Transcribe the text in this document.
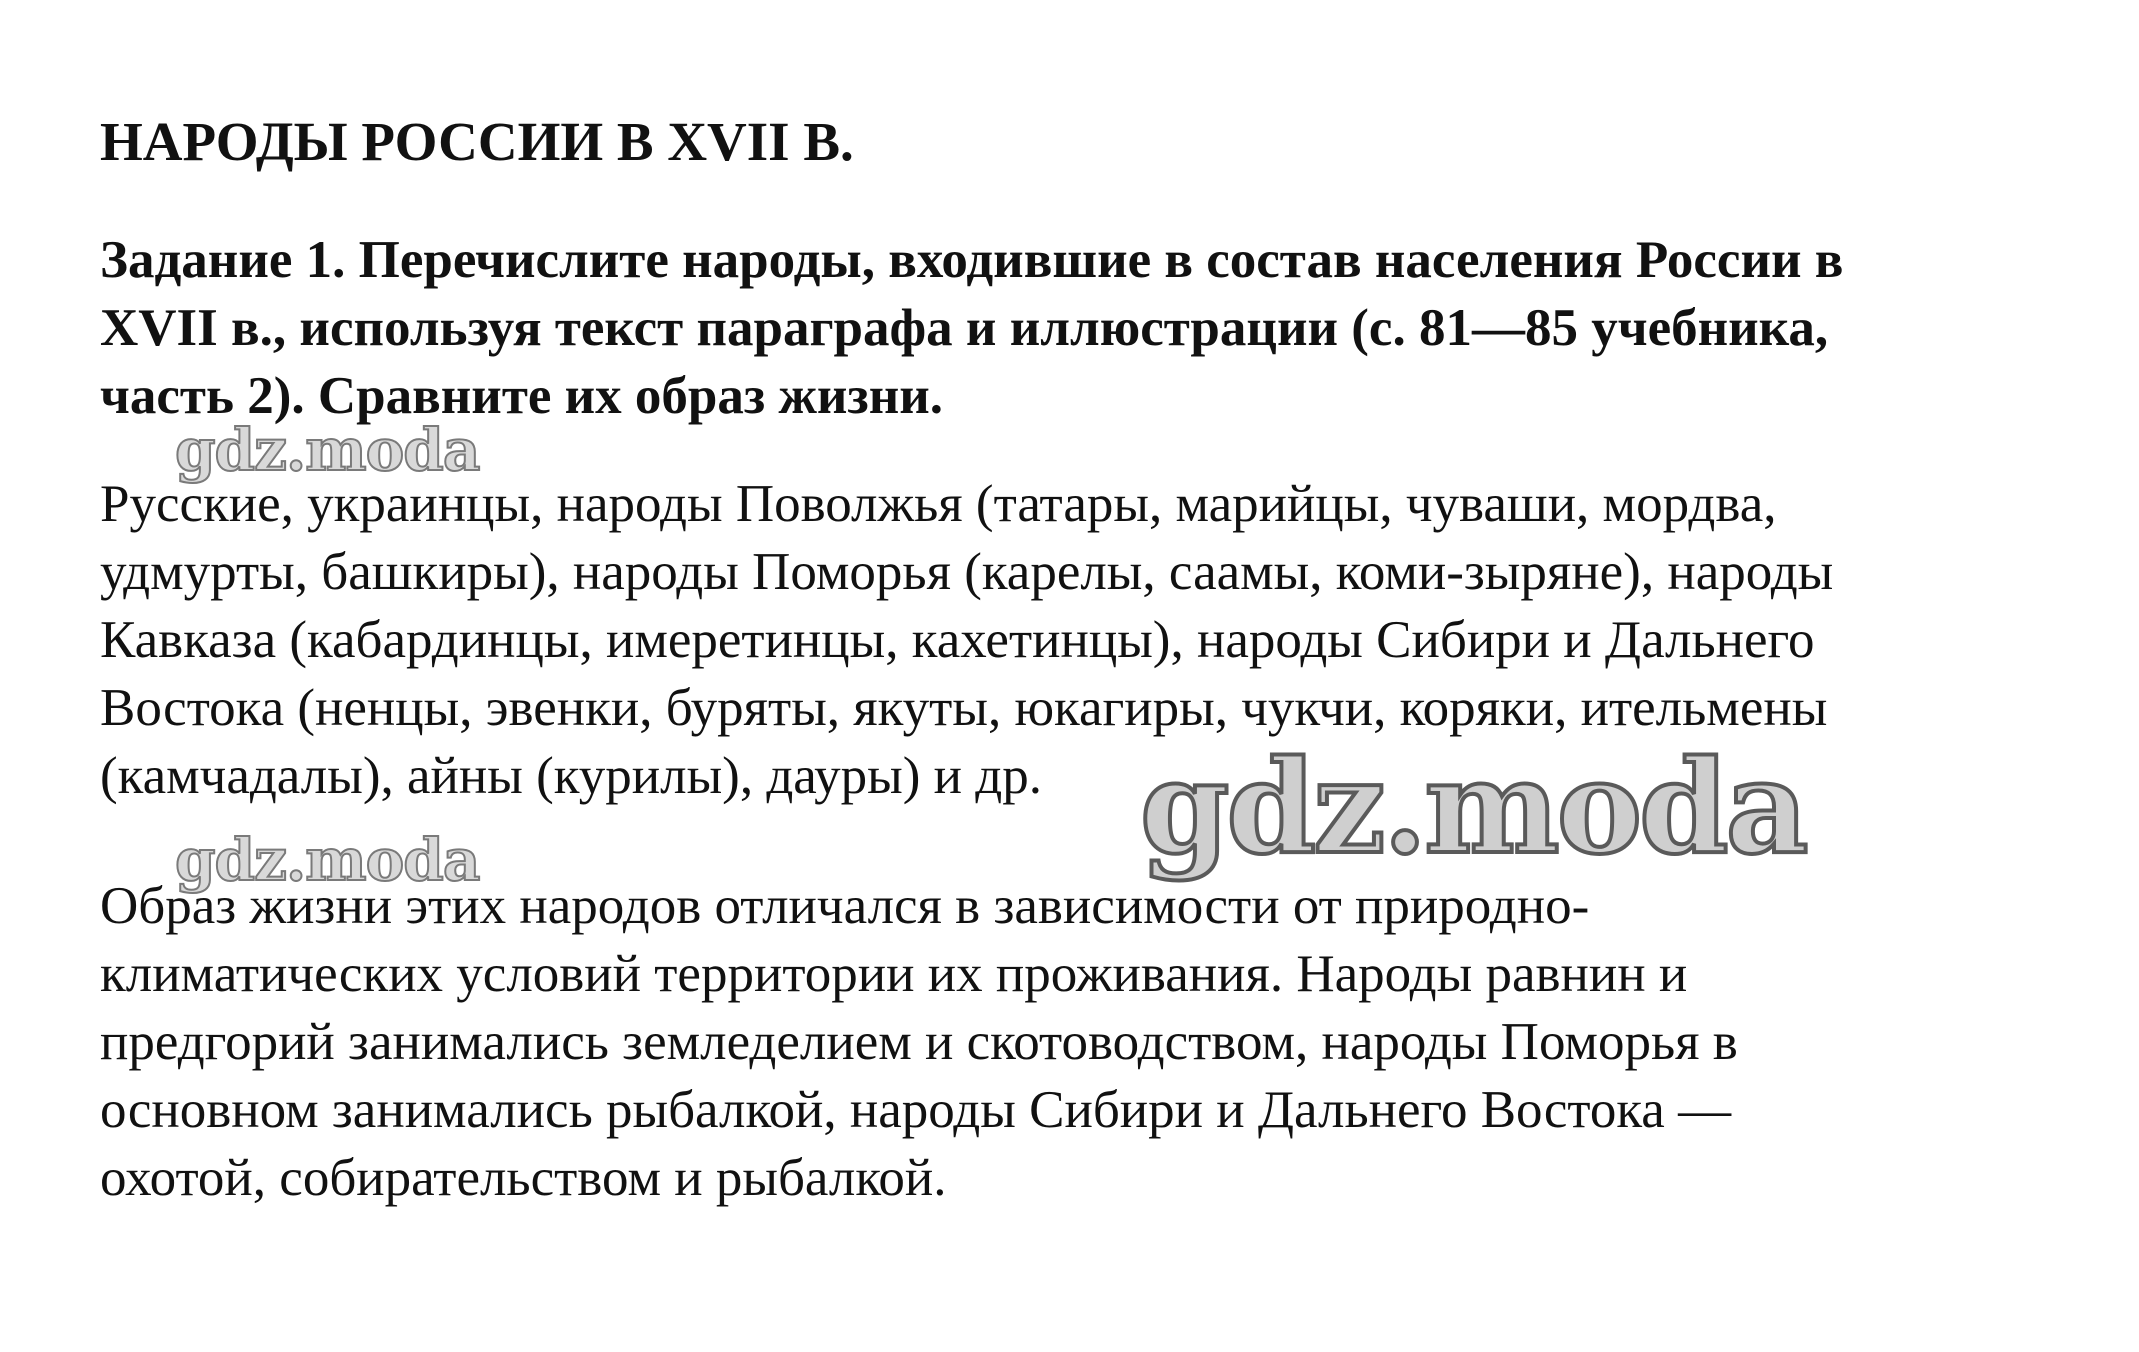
НАРОДЫ РОССИИ В XVII В.

Задание 1. Перечислите народы, входившие в состав населения России в
XVII в., используя текст параграфа и иллюстрации (с. 81—85 учебника,
часть 2). Сравните их образ жизни.

gdz.moda

Русские, украинцы, народы Поволжья (татары, марийцы, чуваши, мордва,
удмурты, башкиры), народы Поморья (карелы, саамы, коми-зыряне), народы
Кавказа (кабардинцы, имеретинцы, кахетинцы), народы Сибири и Дальнего
Востока (ненцы, эвенки, буряты, якуты, юкагиры, чукчи, коряки, ительмены
(камчадалы), айны (курилы), дауры) и др. gdz.moda
gdz.moda

Образ жизни этих народов отличался в зависимости от природно-
климатических условий территории их проживания. Народы равнин и
предгорий занимались земледелием и скотоводством, народы Поморья в
основном занимались рыбалкой, народы Сибири и Дальнего Востока —
охотой, собирательством и рыбалкой.
